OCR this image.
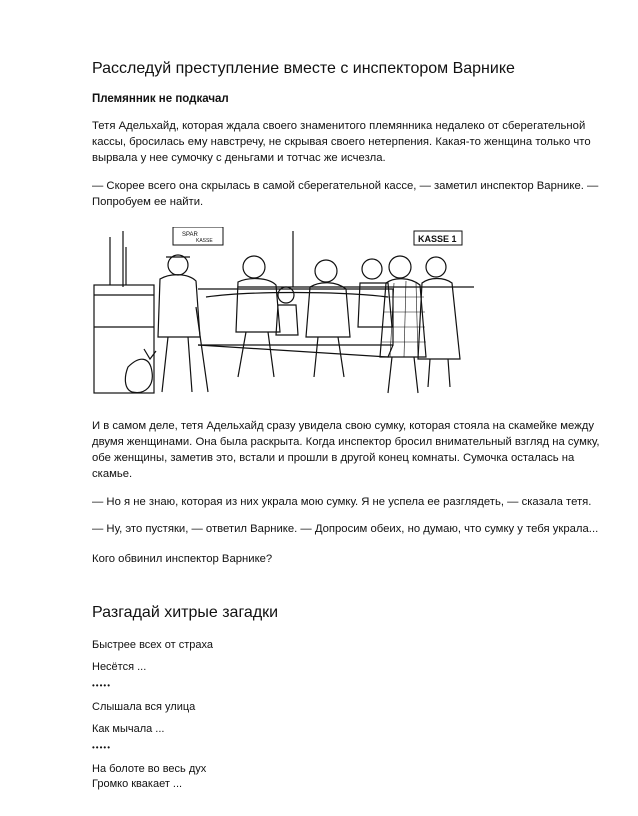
Расследуй преступление вместе с инспектором Варнике
Племянник не подкачал
Тетя Адельхайд, которая ждала своего знаменитого племянника недалеко от сберегательной
кассы, бросилась ему навстречу, не скрывая своего нетерпения. Какая-то женщина только что
вырвала у нее сумочку с деньгами и тотчас же исчезла.
— Скорее всего она скрылась в самой сберегательной кассе, — заметил инспектор Варнике. —
Попробуем ее найти.
SPAR
KASSE	KASSE 1
И в самом деле, тетя Адельхайд сразу увидела свою сумку, которая стояла на скамейке между
двумя женщинами. Она была раскрыта. Когда инспектор бросил внимательный взгляд на сумку,
обе женщины, заметив это, встали и прошли в другой конец комнаты. Сумочка осталась на
скамье.
— Но я не знаю, которая из них украла мою сумку. Я не успела ее разглядеть, — сказала тетя.
— Ну, это пустяки, — ответил Варнике. — Допросим обеих, но думаю, что сумку у тебя украла...
Кого обвинил инспектор Варнике?
Разгадай хитрые загадки
Быстрее всех от страха
Несётся ...
•••••
Слышала вся улица
Как мычала ...
•••••
На болоте во весь дух
Громко квакает ...
